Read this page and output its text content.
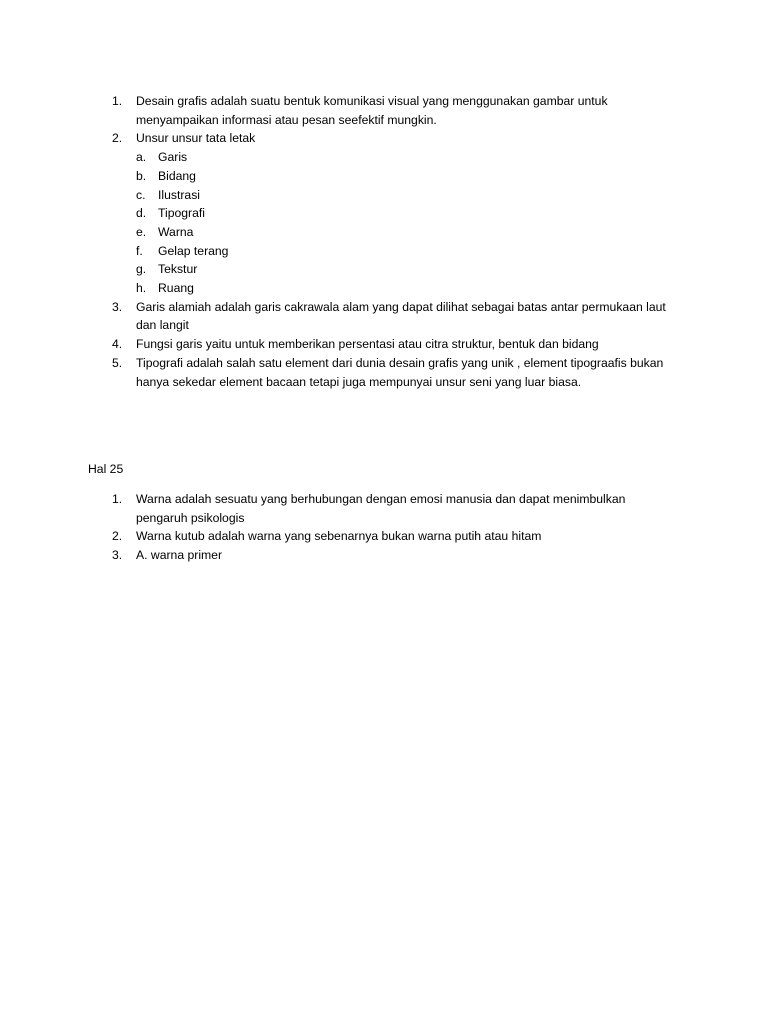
1. Desain grafis adalah suatu bentuk komunikasi visual yang menggunakan gambar untuk menyampaikan informasi atau pesan seefektif mungkin.
2. Unsur unsur tata letak
a. Garis
b. Bidang
c. Ilustrasi
d. Tipografi
e. Warna
f. Gelap terang
g. Tekstur
h. Ruang
3. Garis alamiah adalah garis cakrawala alam yang dapat dilihat sebagai batas antar permukaan laut dan langit
4. Fungsi garis yaitu untuk memberikan persentasi atau citra struktur, bentuk dan bidang
5. Tipografi adalah salah satu element dari dunia desain grafis yang unik , element tipograafis bukan hanya sekedar element bacaan tetapi juga mempunyai unsur seni yang luar biasa.

Hal 25

1. Warna adalah sesuatu yang berhubungan dengan emosi manusia dan dapat menimbulkan pengaruh psikologis
2. Warna kutub adalah warna yang sebenarnya bukan warna putih atau hitam
3. A. warna primer
